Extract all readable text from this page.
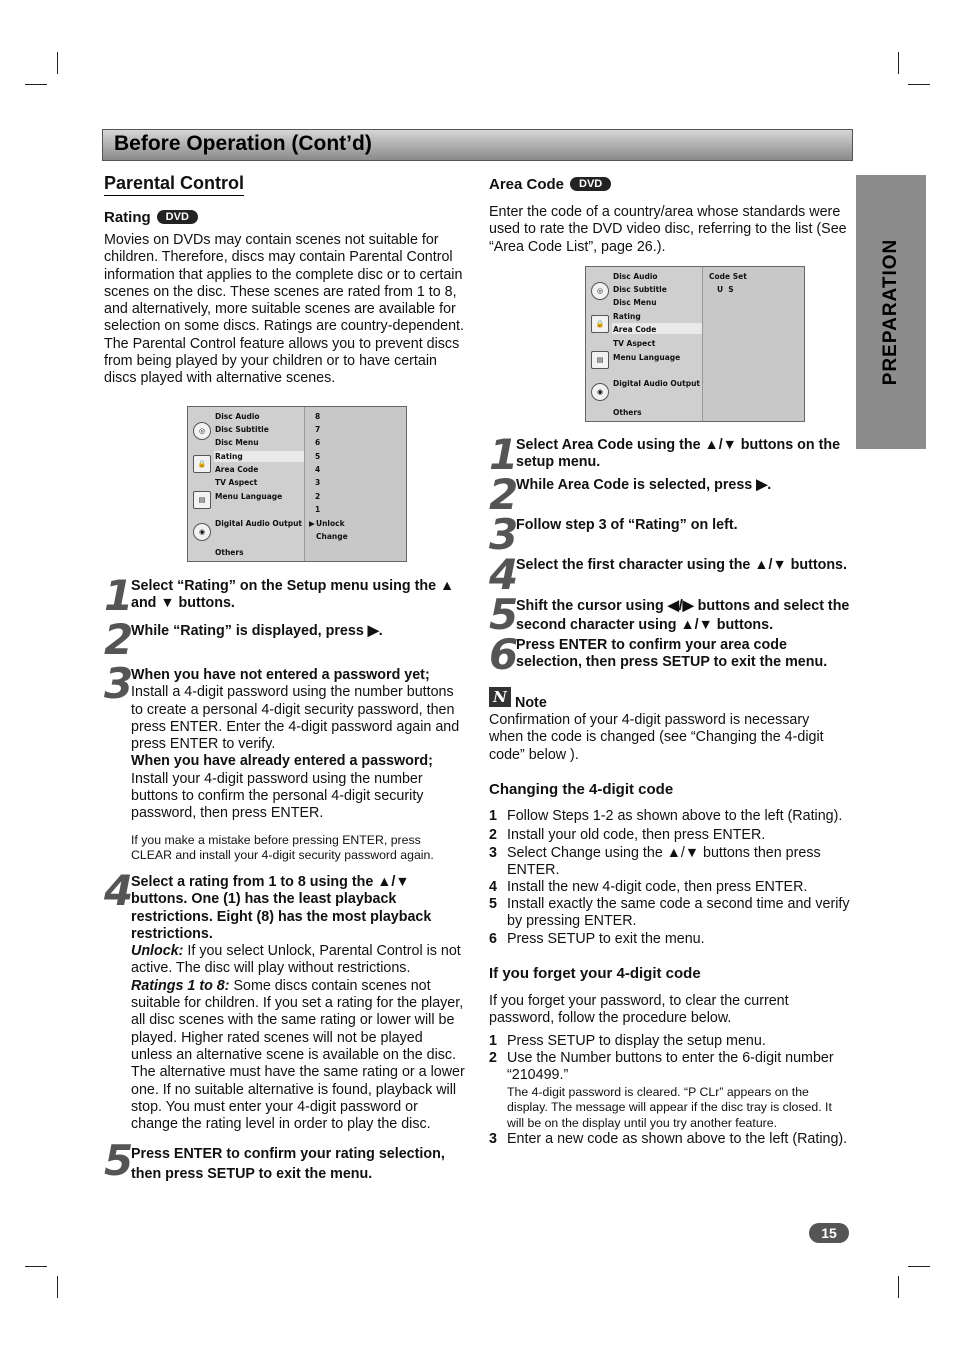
Before Operation (Cont’d)
PREPARATION
Parental Control
Rating DVD

Movies on DVDs may contain scenes not suitable for children. Therefore, discs may contain Parental Control information that applies to the complete disc or to certain scenes on the disc. These scenes are rated from 1 to 8, and alternatively, more suitable scenes are available for selection on some discs. Ratings are country-dependent. The Parental Control feature allows you to prevent discs from being played by your children or to have certain discs played with alternative scenes.

◎
🔒
▤
◉
Disc Audio
Disc Subtitle
Disc Menu
Rating
Area Code
TV Aspect
Menu Language
Digital Audio Output
Others
8
7
6
5
4
3
2
1
▶ Unlock
Change
1
Select “Rating” on the Setup menu using the ▲ and ▼ buttons.
2
While “Rating” is displayed, press ▶.
3
When you have not entered a password yet;
Install a 4-digit password using the number buttons to create a personal 4-digit security password, then press ENTER. Enter the 4-digit password again and press ENTER to verify.
When you have already entered a password;
Install your 4-digit password using the number buttons to confirm the personal 4-digit security password, then press ENTER.

If you make a mistake before pressing ENTER, press CLEAR and install your 4-digit security password again.

4
Select a rating from 1 to 8 using the ▲/▼ buttons. One (1) has the least playback restrictions. Eight (8) has the most playback restrictions.
Unlock: If you select Unlock, Parental Control is not active. The disc will play without restrictions.
Ratings 1 to 8: Some discs contain scenes not suitable for children. If you set a rating for the player, all disc scenes with the same rating or lower will be played. Higher rated scenes will not be played unless an alternative scene is available on the disc. The alternative must have the same rating or a lower one. If no suitable alternative is found, playback will stop. You must enter your 4-digit password or change the rating level in order to play the disc.
5
Press ENTER to confirm your rating selection, then press SETUP to exit the menu.
Area Code DVD

Enter the code of a country/area whose standards were used to rate the DVD video disc, referring to the list (See “Area Code List”, page 26.).

◎
🔒
▤
◉
Disc Audio
Disc Subtitle
Disc Menu
Rating
Area Code
TV Aspect
Menu Language
Digital Audio Output
Others
Code Set
U  S
1
Select Area Code using the ▲/▼ buttons on the setup menu.
2
While Area Code is selected, press ▶.
3
Follow step 3 of “Rating” on left.
4
Select the first character using the ▲/▼ buttons.
5
Shift the cursor using ◀/▶ buttons and select the second character using ▲/▼ buttons.
6
Press ENTER to confirm your area code selection, then press SETUP to exit the menu.
N Note

Confirmation of your 4-digit password is necessary when the code is changed (see “Changing the 4-digit code” below ).

Changing the 4-digit code
1 Follow Steps 1-2 as shown above to the left (Rating).
2 Install your old code, then press ENTER.
3 Select Change using the ▲/▼ buttons then press ENTER.
4 Install the new 4-digit code, then press ENTER.
5 Install exactly the same code a second time and verify by pressing ENTER.
6 Press SETUP to exit the menu.
If you forget your 4-digit code

If you forget your password, to clear the current password, follow the procedure below.

1 Press SETUP to display the setup menu.
2 Use the Number buttons to enter the 6-digit number “210499.”

The 4-digit password is cleared. “P CLr” appears on the display. The message will appear if the disc tray is closed. It will be on the display until you try another feature.

3 Enter a new code as shown above to the left (Rating).
15
